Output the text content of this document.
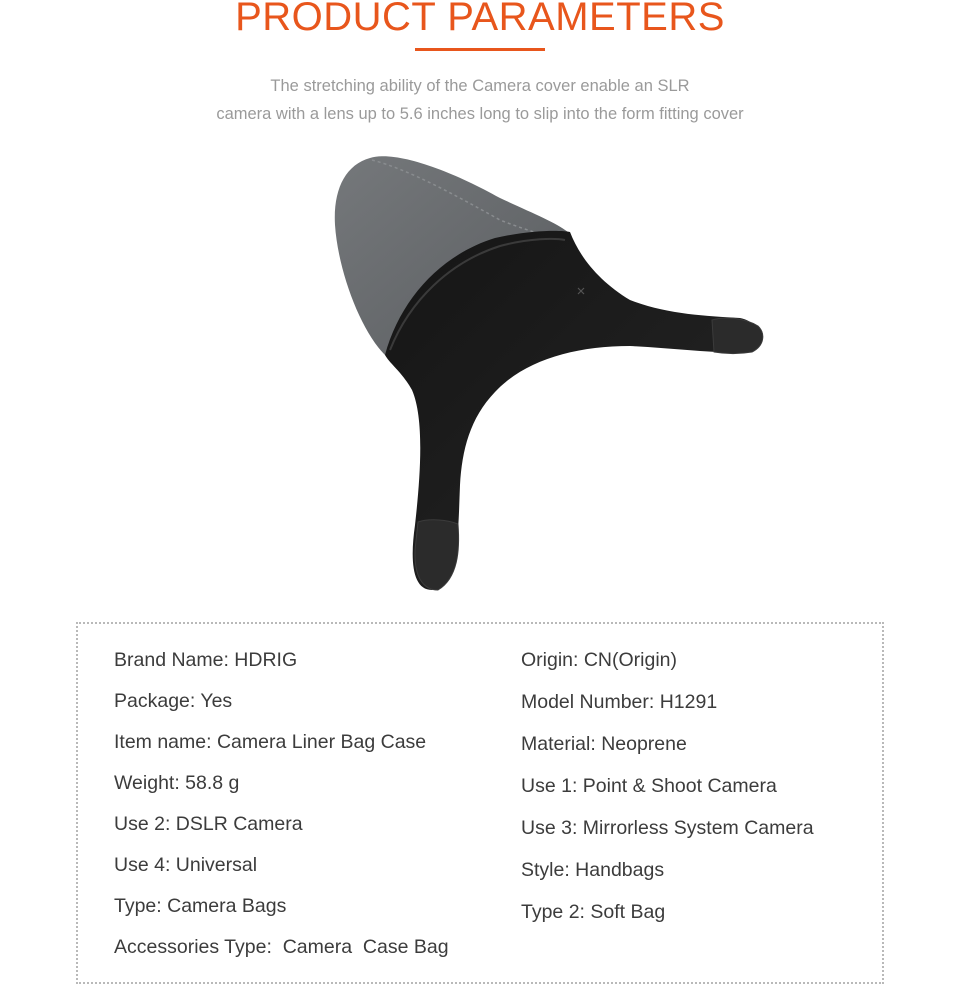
PRODUCT PARAMETERS
The stretching ability of the Camera cover enable an SLR
camera with a lens up to 5.6 inches long to slip into the form fitting cover
Brand Name: HDRIG
Package: Yes
Item name: Camera Liner Bag Case
Weight: 58.8 g
Use 2: DSLR Camera
Use 4: Universal
Type: Camera Bags
Accessories Type:  Camera  Case Bag
Origin: CN(Origin)
Model Number: H1291
Material: Neoprene
Use 1: Point & Shoot Camera
Use 3: Mirrorless System Camera
Style: Handbags
Type 2: Soft Bag
